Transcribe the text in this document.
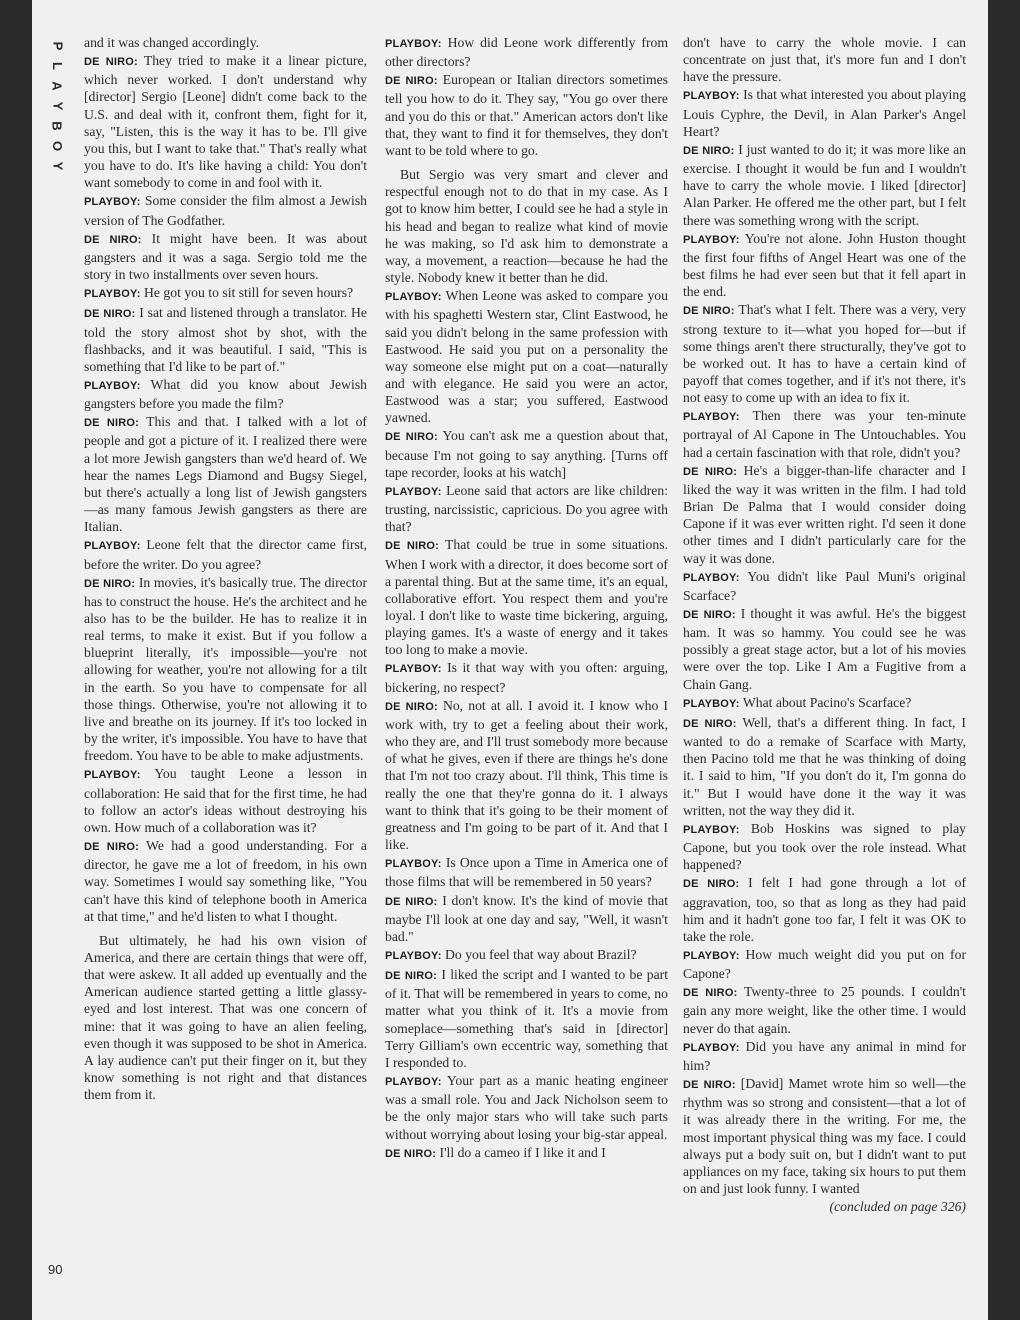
P
L
A
Y
B
O
Y

and it was changed accordingly.

DE NIRO: They tried to make it a linear picture, which never worked. I don't understand why [director] Sergio [Leone] didn't come back to the U.S. and deal with it, confront them, fight for it, say, "Listen, this is the way it has to be. I'll give you this, but I want to take that." That's really what you have to do. It's like having a child: You don't want somebody to come in and fool with it.

PLAYBOY: Some consider the film almost a Jewish version of The Godfather.

DE NIRO: It might have been. It was about gangsters and it was a saga. Sergio told me the story in two installments over seven hours.

PLAYBOY: He got you to sit still for seven hours?

DE NIRO: I sat and listened through a translator. He told the story almost shot by shot, with the flashbacks, and it was beautiful. I said, "This is something that I'd like to be part of."

PLAYBOY: What did you know about Jewish gangsters before you made the film?

DE NIRO: This and that. I talked with a lot of people and got a picture of it. I realized there were a lot more Jewish gangsters than we'd heard of. We hear the names Legs Diamond and Bugsy Siegel, but there's actually a long list of Jewish gangsters—as many famous Jewish gangsters as there are Italian.

PLAYBOY: Leone felt that the director came first, before the writer. Do you agree?

DE NIRO: In movies, it's basically true. The director has to construct the house. He's the architect and he also has to be the builder. He has to realize it in real terms, to make it exist. But if you follow a blueprint literally, it's impossible—you're not allowing for weather, you're not allowing for a tilt in the earth. So you have to compensate for all those things. Otherwise, you're not allowing it to live and breathe on its journey. If it's too locked in by the writer, it's impossible. You have to have that freedom. You have to be able to make adjustments.

PLAYBOY: You taught Leone a lesson in collaboration: He said that for the first time, he had to follow an actor's ideas without destroying his own. How much of a collaboration was it?

DE NIRO: We had a good understanding. For a director, he gave me a lot of freedom, in his own way. Sometimes I would say something like, "You can't have this kind of telephone booth in America at that time," and he'd listen to what I thought.

But ultimately, he had his own vision of America, and there are certain things that were off, that were askew. It all added up eventually and the American audience started getting a little glassy-eyed and lost interest. That was one concern of mine: that it was going to have an alien feeling, even though it was supposed to be shot in America. A lay audience can't put their finger on it, but they know something is not right and that distances them from it.

PLAYBOY: How did Leone work differently from other directors?

DE NIRO: European or Italian directors sometimes tell you how to do it. They say, "You go over there and you do this or that." American actors don't like that, they want to find it for themselves, they don't want to be told where to go.

But Sergio was very smart and clever and respectful enough not to do that in my case. As I got to know him better, I could see he had a style in his head and began to realize what kind of movie he was making, so I'd ask him to demonstrate a way, a movement, a reaction—because he had the style. Nobody knew it better than he did.

PLAYBOY: When Leone was asked to compare you with his spaghetti Western star, Clint Eastwood, he said you didn't belong in the same profession with Eastwood. He said you put on a personality the way someone else might put on a coat—naturally and with elegance. He said you were an actor, Eastwood was a star; you suffered, Eastwood yawned.

DE NIRO: You can't ask me a question about that, because I'm not going to say anything. [Turns off tape recorder, looks at his watch]

PLAYBOY: Leone said that actors are like children: trusting, narcissistic, capricious. Do you agree with that?

DE NIRO: That could be true in some situations. When I work with a director, it does become sort of a parental thing. But at the same time, it's an equal, collaborative effort. You respect them and you're loyal. I don't like to waste time bickering, arguing, playing games. It's a waste of energy and it takes too long to make a movie.

PLAYBOY: Is it that way with you often: arguing, bickering, no respect?

DE NIRO: No, not at all. I avoid it. I know who I work with, try to get a feeling about their work, who they are, and I'll trust somebody more because of what he gives, even if there are things he's done that I'm not too crazy about. I'll think, This time is really the one that they're gonna do it. I always want to think that it's going to be their moment of greatness and I'm going to be part of it. And that I like.

PLAYBOY: Is Once upon a Time in America one of those films that will be remembered in 50 years?

DE NIRO: I don't know. It's the kind of movie that maybe I'll look at one day and say, "Well, it wasn't bad."

PLAYBOY: Do you feel that way about Brazil?

DE NIRO: I liked the script and I wanted to be part of it. That will be remembered in years to come, no matter what you think of it. It's a movie from someplace—something that's said in [director] Terry Gilliam's own eccentric way, something that I responded to.

PLAYBOY: Your part as a manic heating engineer was a small role. You and Jack Nicholson seem to be the only major stars who will take such parts without worrying about losing your big-star appeal.

DE NIRO: I'll do a cameo if I like it and I

don't have to carry the whole movie. I can concentrate on just that, it's more fun and I don't have the pressure.

PLAYBOY: Is that what interested you about playing Louis Cyphre, the Devil, in Alan Parker's Angel Heart?

DE NIRO: I just wanted to do it; it was more like an exercise. I thought it would be fun and I wouldn't have to carry the whole movie. I liked [director] Alan Parker. He offered me the other part, but I felt there was something wrong with the script.

PLAYBOY: You're not alone. John Huston thought the first four fifths of Angel Heart was one of the best films he had ever seen but that it fell apart in the end.

DE NIRO: That's what I felt. There was a very, very strong texture to it—what you hoped for—but if some things aren't there structurally, they've got to be worked out. It has to have a certain kind of payoff that comes together, and if it's not there, it's not easy to come up with an idea to fix it.

PLAYBOY: Then there was your ten-minute portrayal of Al Capone in The Untouchables. You had a certain fascination with that role, didn't you?

DE NIRO: He's a bigger-than-life character and I liked the way it was written in the film. I had told Brian De Palma that I would consider doing Capone if it was ever written right. I'd seen it done other times and I didn't particularly care for the way it was done.

PLAYBOY: You didn't like Paul Muni's original Scarface?

DE NIRO: I thought it was awful. He's the biggest ham. It was so hammy. You could see he was possibly a great stage actor, but a lot of his movies were over the top. Like I Am a Fugitive from a Chain Gang.

PLAYBOY: What about Pacino's Scarface?

DE NIRO: Well, that's a different thing. In fact, I wanted to do a remake of Scarface with Marty, then Pacino told me that he was thinking of doing it. I said to him, "If you don't do it, I'm gonna do it." But I would have done it the way it was written, not the way they did it.

PLAYBOY: Bob Hoskins was signed to play Capone, but you took over the role instead. What happened?

DE NIRO: I felt I had gone through a lot of aggravation, too, so that as long as they had paid him and it hadn't gone too far, I felt it was OK to take the role.

PLAYBOY: How much weight did you put on for Capone?

DE NIRO: Twenty-three to 25 pounds. I couldn't gain any more weight, like the other time. I would never do that again.

PLAYBOY: Did you have any animal in mind for him?

DE NIRO: [David] Mamet wrote him so well—the rhythm was so strong and consistent—that a lot of it was already there in the writing. For me, the most important physical thing was my face. I could always put a body suit on, but I didn't want to put appliances on my face, taking six hours to put them on and just look funny. I wanted

(concluded on page 326)

90
